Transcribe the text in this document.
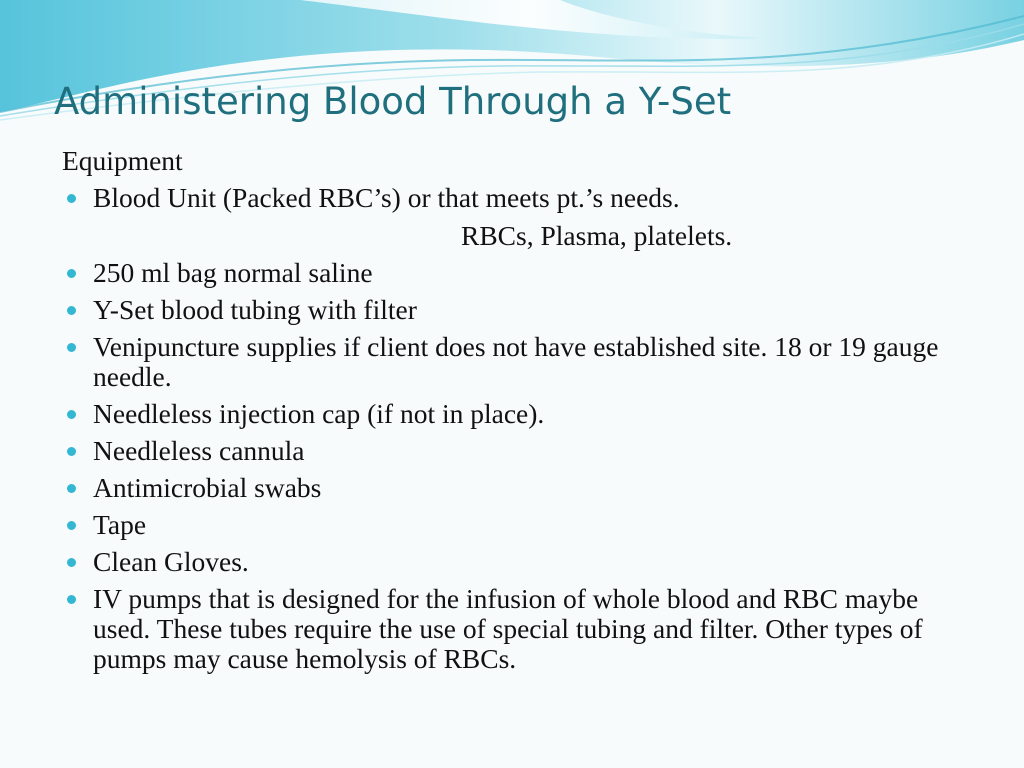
Administering Blood Through a Y-Set
Equipment
Blood Unit (Packed RBC’s) or that meets pt.’s needs.
RBCs, Plasma, platelets.
250 ml bag normal saline
Y-Set blood tubing with filter
Venipuncture supplies if client does not have established site. 18 or 19 gauge needle.
Needleless injection cap (if not in place).
Needleless cannula
Antimicrobial swabs
Tape
Clean Gloves.
IV pumps that is designed for the infusion of whole blood and RBC maybe used. These tubes require the use of special tubing and filter. Other types of pumps may cause hemolysis of RBCs.
